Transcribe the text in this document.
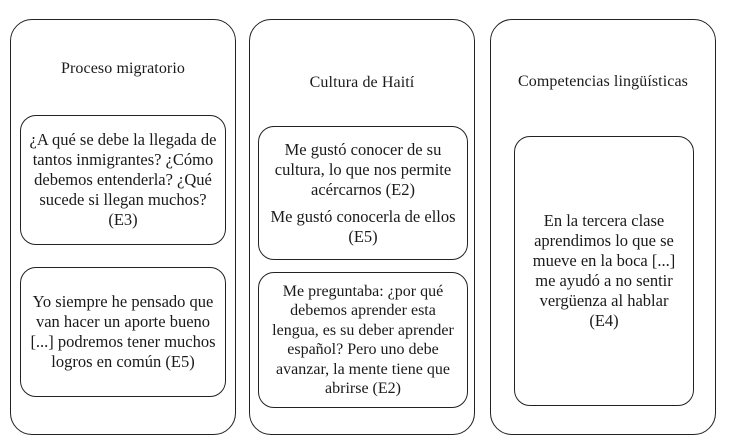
Proceso migratorio

¿A qué se debe la llegada de tantos inmigrantes? ¿Cómo debemos entenderla? ¿Qué sucede si llegan muchos? (E3)

Yo siempre he pensado que van hacer un aporte bueno [...] podremos tener muchos logros en común (E5)

Cultura de Haití

Me gustó conocer de su cultura, lo que nos permite acércarnos (E2)

Me gustó conocerla de ellos (E5)

Me preguntaba: ¿por qué debemos aprender esta lengua, es su deber aprender español? Pero uno debe avanzar, la mente tiene que abrirse (E2)

Competencias lingüísticas

En la tercera clase aprendimos lo que se mueve en la boca [...] me ayudó a no sentir vergüenza al hablar (E4)
